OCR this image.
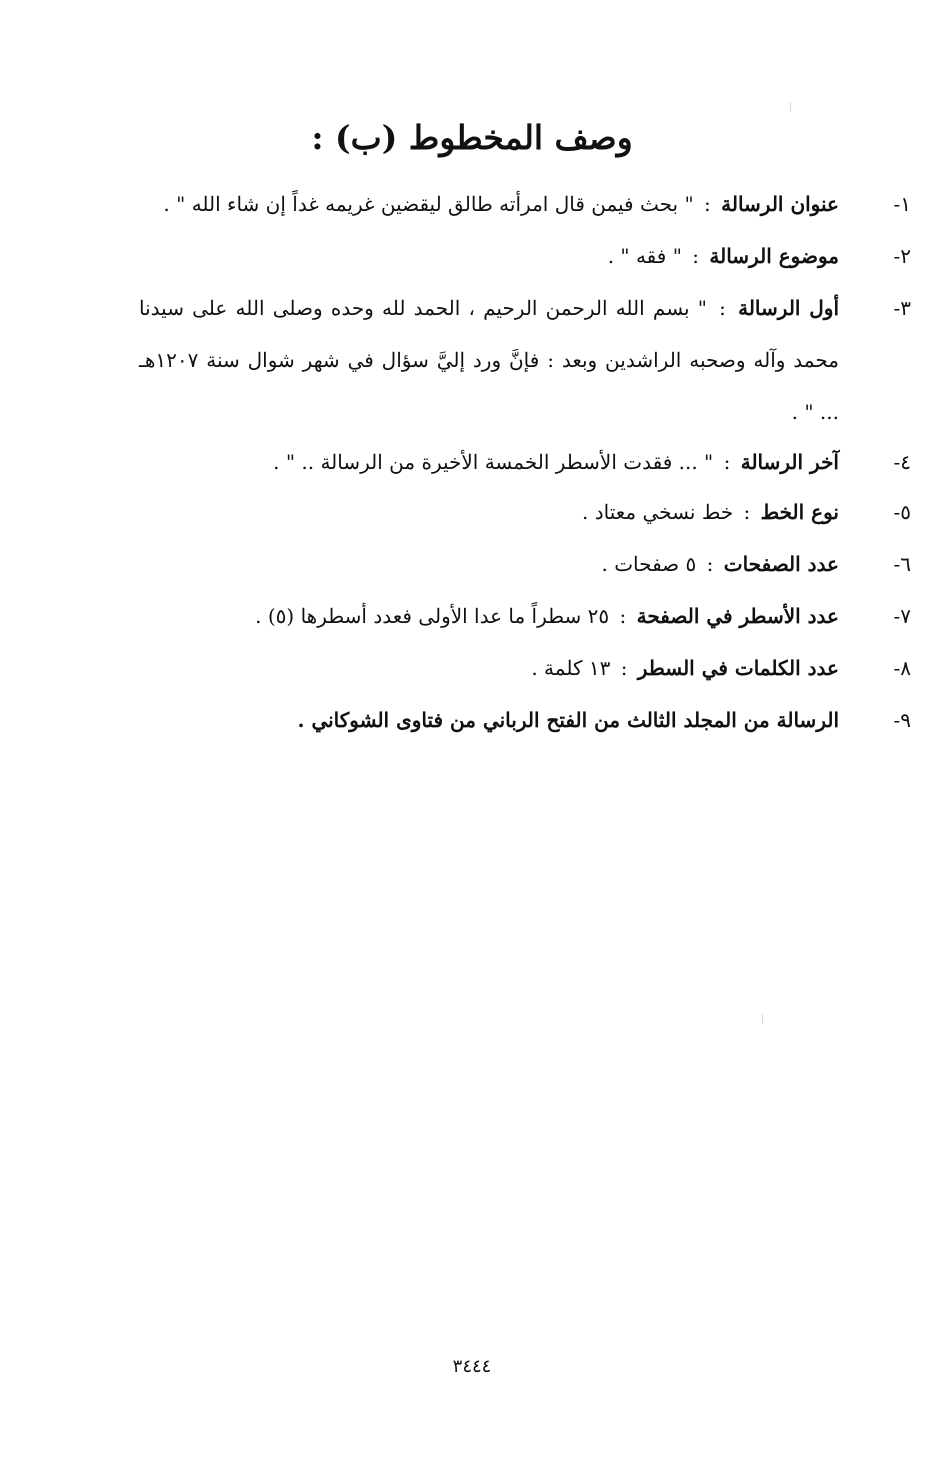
وصف المخطوط (ب) :
١-
عنوان الرسالة : " بحث فيمن قال امرأته طالق ليقضين غريمه غداً إن شاء الله " .
٢-
موضوع الرسالة : " فقه " .
٣-
أول الرسالة : " بسم الله الرحمن الرحيم ، الحمد لله وحده وصلى الله على سيدنا محمد وآله وصحبه الراشدين وبعد : فإنَّ ورد إليَّ سؤال في شهر شوال سنة ١٢٠٧هـ ... " .
٤-
آخر الرسالة : " ... فقدت الأسطر الخمسة الأخيرة من الرسالة .. " .
٥-
نوع الخط : خط نسخي معتاد .
٦-
عدد الصفحات : ٥ صفحات .
٧-
عدد الأسطر في الصفحة : ٢٥ سطراً ما عدا الأولى فعدد أسطرها (٥) .
٨-
عدد الكلمات في السطر : ١٣ كلمة .
٩-
الرسالة من المجلد الثالث من الفتح الرباني من فتاوى الشوكاني .
٣٤٤٤
